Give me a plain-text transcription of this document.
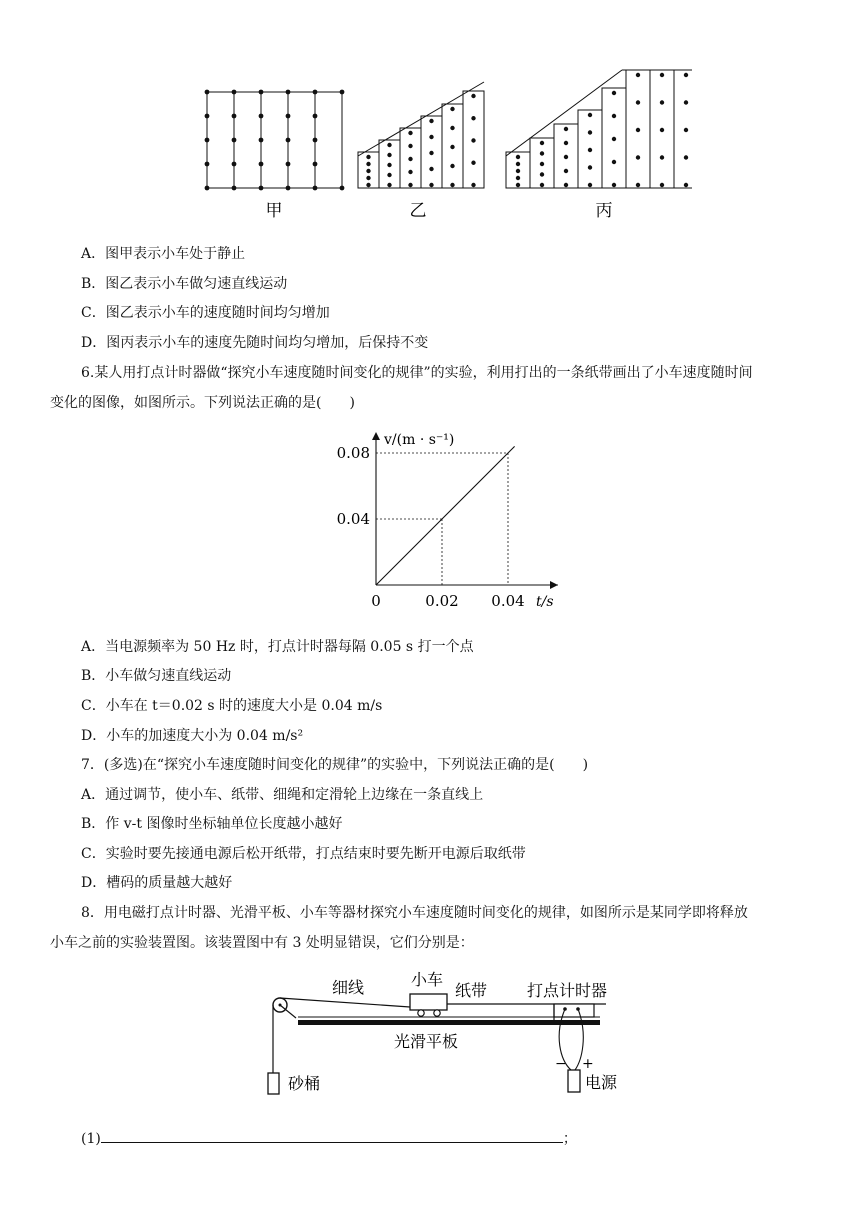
甲	乙	丙
A．图甲表示小车处于静止
B．图乙表示小车做匀速直线运动
C．图乙表示小车的速度随时间均匀增加
D．图丙表示小车的速度先随时间均匀增加，后保持不变
6.某人用打点计时器做“探究小车速度随时间变化的规律”的实验，利用打出的一条纸带画出了小车速度随时间
变化的图像，如图所示。下列说法正确的是(　　)
0	0.02 0.04
0.04
0.08
t/s
v/(m · s⁻¹)
A．当电源频率为 50 Hz 时，打点计时器每隔 0.05 s 打一个点
B．小车做匀速直线运动
C．小车在 t＝0.02 s 时的速度大小是 0.04 m/s
D．小车的加速度大小为 0.04 m/s²
7．(多选)在“探究小车速度随时间变化的规律”的实验中，下列说法正确的是(　　)
A．通过调节，使小车、纸带、细绳和定滑轮上边缘在一条直线上
B．作 v-t 图像时坐标轴单位长度越小越好
C．实验时要先接通电源后松开纸带，打点结束时要先断开电源后取纸带
D．槽码的质量越大越好
8．用电磁打点计时器、光滑平板、小车等器材探究小车速度随时间变化的规律，如图所示是某同学即将释放
小车之前的实验装置图。该装置图中有 3 处明显错误，它们分别是：
细线	小车
纸带 打点计时器
光滑平板
砂桶	电源
− +
(1)	；
